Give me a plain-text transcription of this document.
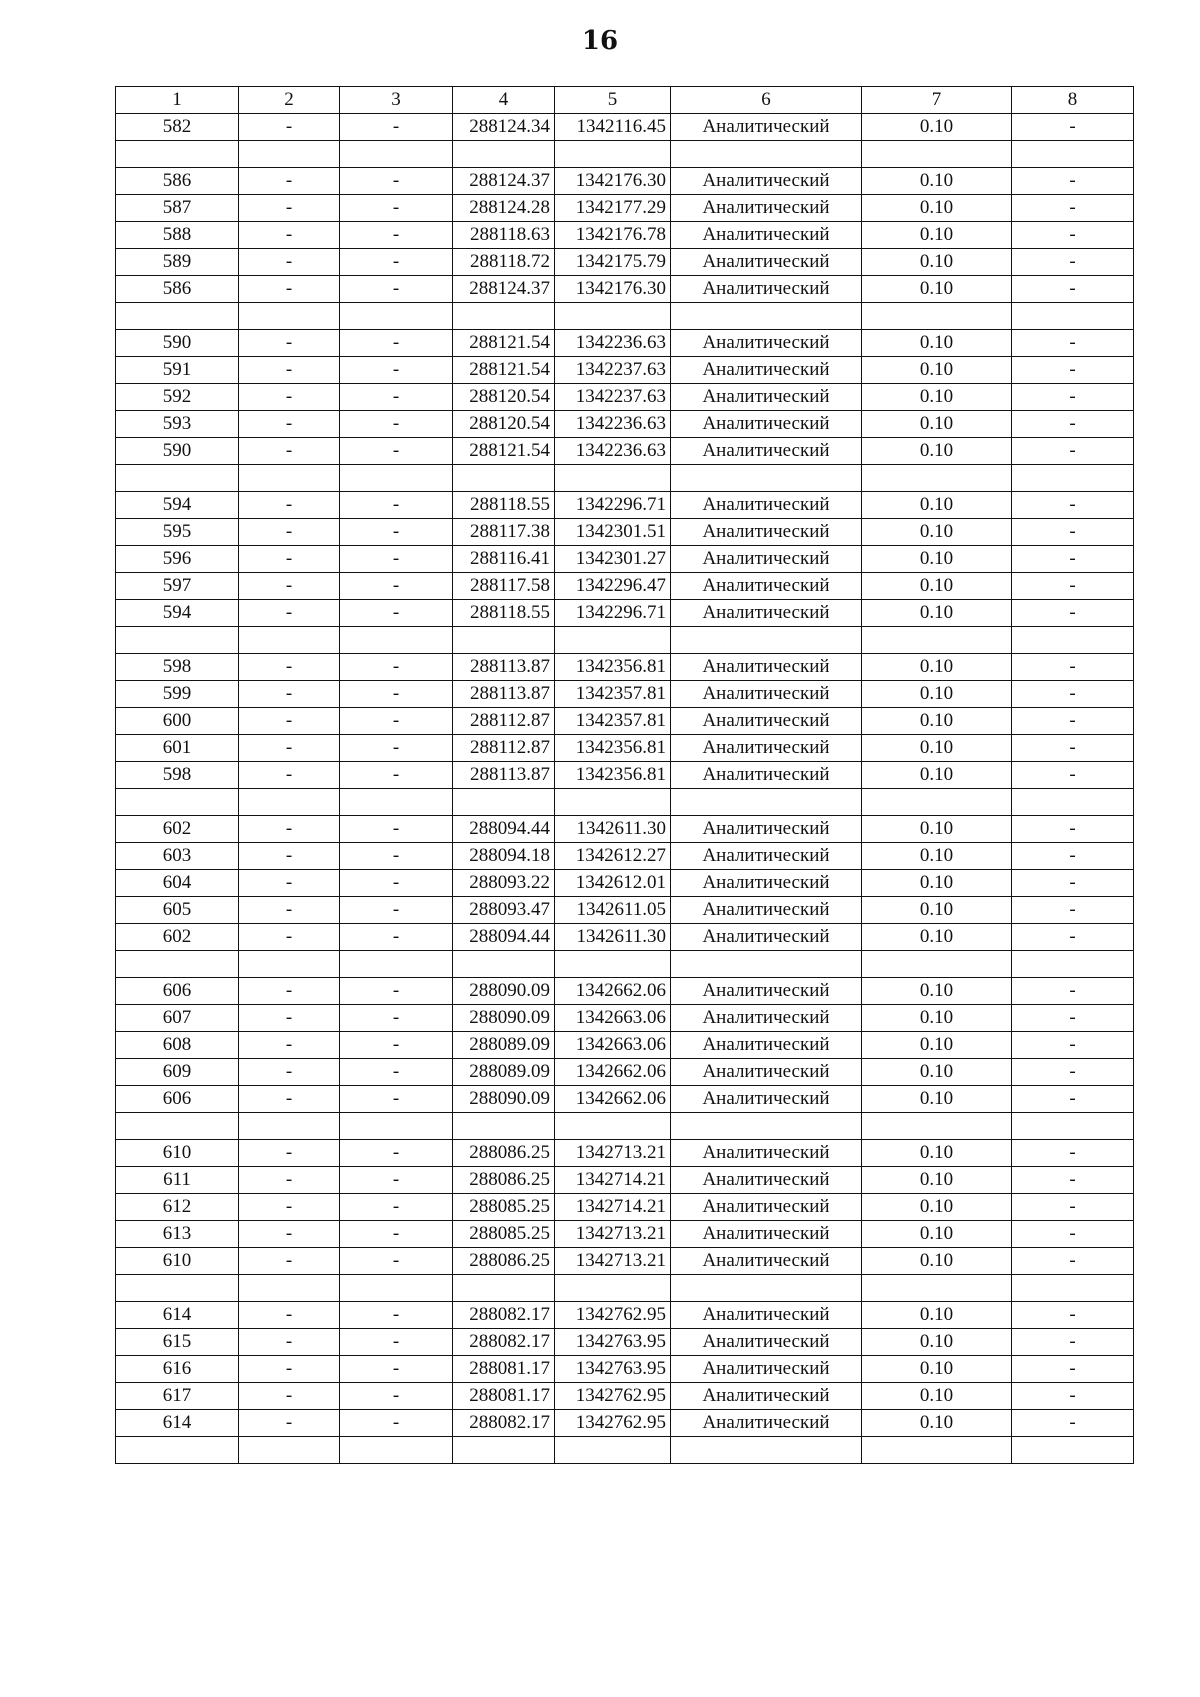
16
1	2	3	4	5	6	7	8
582	-	-	288124.34	1342116.45	Аналитический	0.10	-

586	-	-	288124.37	1342176.30	Аналитический	0.10	-
587	-	-	288124.28	1342177.29	Аналитический	0.10	-
588	-	-	288118.63	1342176.78	Аналитический	0.10	-
589	-	-	288118.72	1342175.79	Аналитический	0.10	-
586	-	-	288124.37	1342176.30	Аналитический	0.10	-

590	-	-	288121.54	1342236.63	Аналитический	0.10	-
591	-	-	288121.54	1342237.63	Аналитический	0.10	-
592	-	-	288120.54	1342237.63	Аналитический	0.10	-
593	-	-	288120.54	1342236.63	Аналитический	0.10	-
590	-	-	288121.54	1342236.63	Аналитический	0.10	-

594	-	-	288118.55	1342296.71	Аналитический	0.10	-
595	-	-	288117.38	1342301.51	Аналитический	0.10	-
596	-	-	288116.41	1342301.27	Аналитический	0.10	-
597	-	-	288117.58	1342296.47	Аналитический	0.10	-
594	-	-	288118.55	1342296.71	Аналитический	0.10	-

598	-	-	288113.87	1342356.81	Аналитический	0.10	-
599	-	-	288113.87	1342357.81	Аналитический	0.10	-
600	-	-	288112.87	1342357.81	Аналитический	0.10	-
601	-	-	288112.87	1342356.81	Аналитический	0.10	-
598	-	-	288113.87	1342356.81	Аналитический	0.10	-

602	-	-	288094.44	1342611.30	Аналитический	0.10	-
603	-	-	288094.18	1342612.27	Аналитический	0.10	-
604	-	-	288093.22	1342612.01	Аналитический	0.10	-
605	-	-	288093.47	1342611.05	Аналитический	0.10	-
602	-	-	288094.44	1342611.30	Аналитический	0.10	-

606	-	-	288090.09	1342662.06	Аналитический	0.10	-
607	-	-	288090.09	1342663.06	Аналитический	0.10	-
608	-	-	288089.09	1342663.06	Аналитический	0.10	-
609	-	-	288089.09	1342662.06	Аналитический	0.10	-
606	-	-	288090.09	1342662.06	Аналитический	0.10	-

610	-	-	288086.25	1342713.21	Аналитический	0.10	-
611	-	-	288086.25	1342714.21	Аналитический	0.10	-
612	-	-	288085.25	1342714.21	Аналитический	0.10	-
613	-	-	288085.25	1342713.21	Аналитический	0.10	-
610	-	-	288086.25	1342713.21	Аналитический	0.10	-

614	-	-	288082.17	1342762.95	Аналитический	0.10	-
615	-	-	288082.17	1342763.95	Аналитический	0.10	-
616	-	-	288081.17	1342763.95	Аналитический	0.10	-
617	-	-	288081.17	1342762.95	Аналитический	0.10	-
614	-	-	288082.17	1342762.95	Аналитический	0.10	-
